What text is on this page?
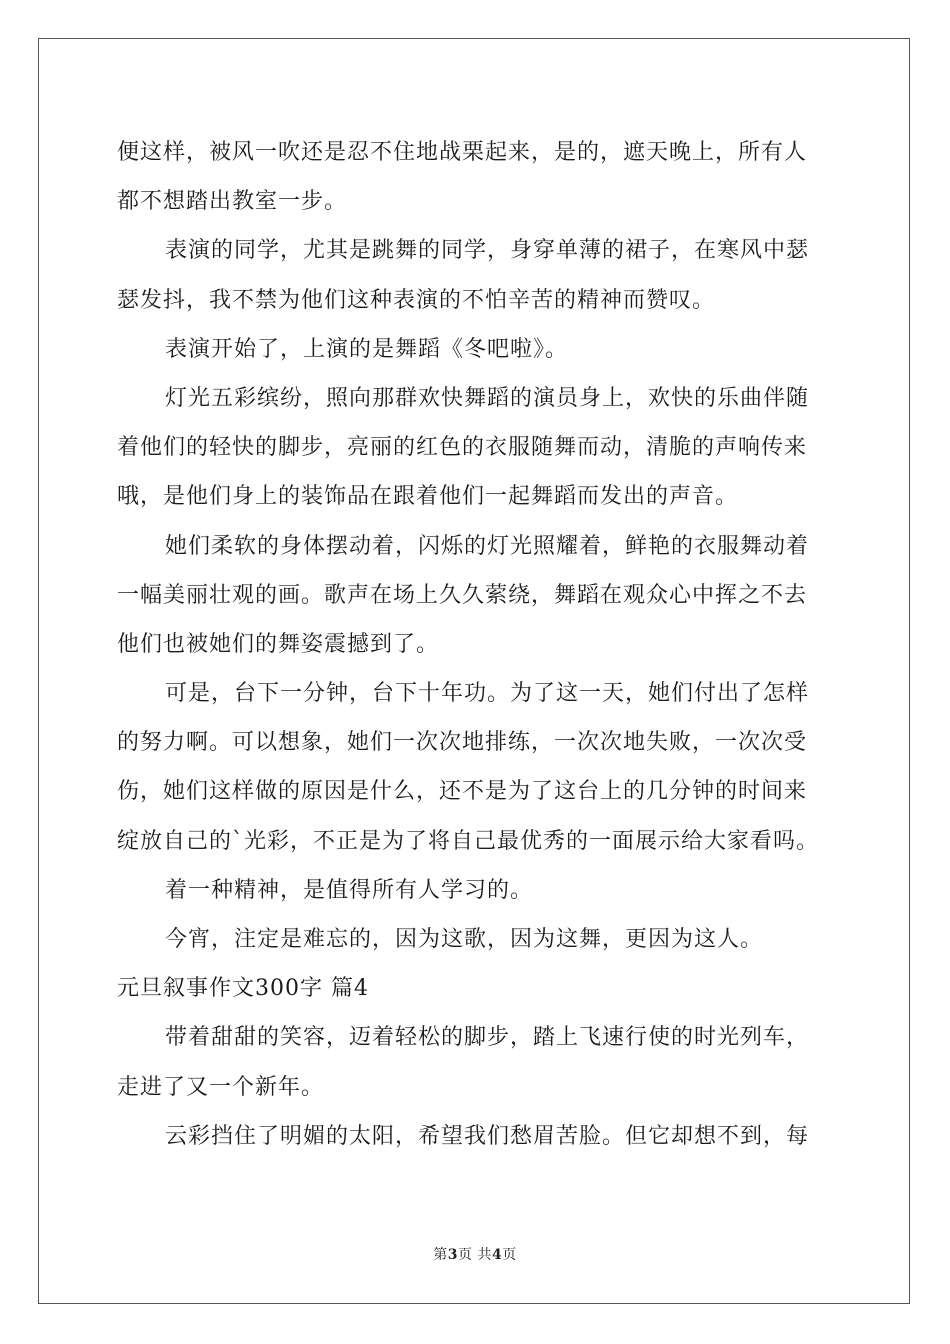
便这样，被风一吹还是忍不住地战栗起来，是的，遮天晚上，所有人
都不想踏出教室一步。

表演的同学，尤其是跳舞的同学，身穿单薄的裙子，在寒风中瑟
瑟发抖，我不禁为他们这种表演的不怕辛苦的精神而赞叹。

表演开始了，上演的是舞蹈《冬吧啦》。

灯光五彩缤纷，照向那群欢快舞蹈的演员身上，欢快的乐曲伴随
着他们的轻快的脚步，亮丽的红色的衣服随舞而动，清脆的声响传来
哦，是他们身上的装饰品在跟着他们一起舞蹈而发出的声音。

她们柔软的身体摆动着，闪烁的灯光照耀着，鲜艳的衣服舞动着
一幅美丽壮观的画。歌声在场上久久萦绕，舞蹈在观众心中挥之不去
他们也被她们的舞姿震撼到了。

可是，台下一分钟，台下十年功。为了这一天，她们付出了怎样
的努力啊。可以想象，她们一次次地排练，一次次地失败，一次次受
伤，她们这样做的原因是什么，还不是为了这台上的几分钟的时间来
绽放自己的`光彩，不正是为了将自己最优秀的一面展示给大家看吗。

着一种精神，是值得所有人学习的。

今宵，注定是难忘的，因为这歌，因为这舞，更因为这人。

元旦叙事作文300字 篇4

带着甜甜的笑容，迈着轻松的脚步，踏上飞速行使的时光列车，
走进了又一个新年。

云彩挡住了明媚的太阳，希望我们愁眉苦脸。但它却想不到，每

第3页 共4页
